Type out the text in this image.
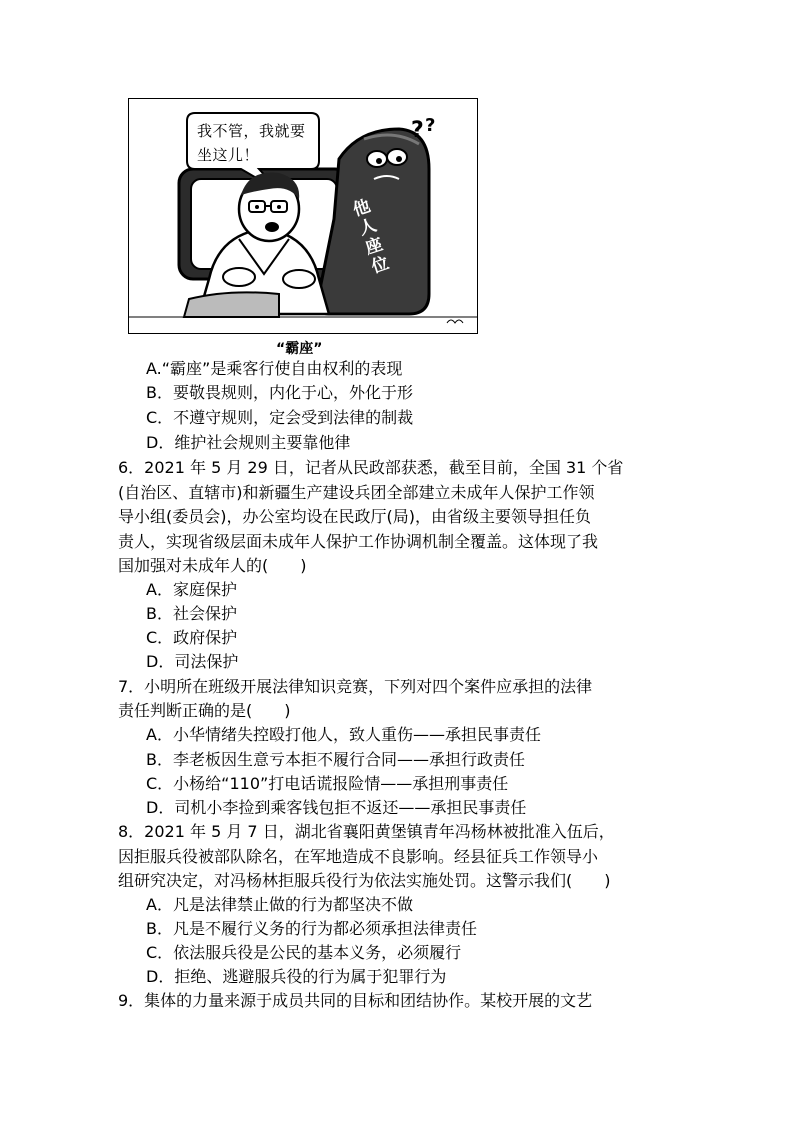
? ?
我不管，我就要
坐这儿！
他
人
座
位
“霸座”
A.“霸座”是乘客行使自由权利的表现
B．要敬畏规则，内化于心，外化于形
C．不遵守规则，定会受到法律的制裁
D．维护社会规则主要靠他律
6．2021 年 5 月 29 日，记者从民政部获悉，截至目前，全国 31 个省
(自治区、直辖市)和新疆生产建设兵团全部建立未成年人保护工作领
导小组(委员会)，办公室均设在民政厅(局)，由省级主要领导担任负
责人，实现省级层面未成年人保护工作协调机制全覆盖。这体现了我
国加强对未成年人的(　　)
A．家庭保护
B．社会保护
C．政府保护
D．司法保护
7．小明所在班级开展法律知识竞赛，下列对四个案件应承担的法律
责任判断正确的是(　　)
A．小华情绪失控殴打他人，致人重伤——承担民事责任
B．李老板因生意亏本拒不履行合同——承担行政责任
C．小杨给“110”打电话谎报险情——承担刑事责任
D．司机小李捡到乘客钱包拒不返还——承担民事责任
8．2021 年 5 月 7 日，湖北省襄阳黄堡镇青年冯杨林被批准入伍后，
因拒服兵役被部队除名，在军地造成不良影响。经县征兵工作领导小
组研究决定，对冯杨林拒服兵役行为依法实施处罚。这警示我们(　　)
A．凡是法律禁止做的行为都坚决不做
B．凡是不履行义务的行为都必须承担法律责任
C．依法服兵役是公民的基本义务，必须履行
D．拒绝、逃避服兵役的行为属于犯罪行为
9．集体的力量来源于成员共同的目标和团结协作。某校开展的文艺
